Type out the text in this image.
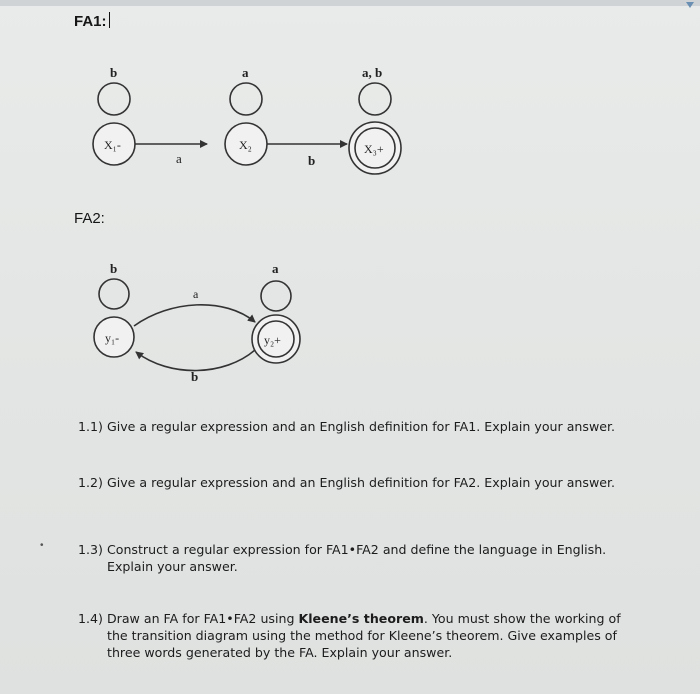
FA1:
FA2:
X₁-
b
X₂
a
X₃+
a, b
a	b
y₁-
b
y₂+
a
a
b
1.1) Give a regular expression and an English definition for FA1. Explain your answer.
1.2) Give a regular expression and an English definition for FA2. Explain your answer.
•	1.3) Construct a regular expression for FA1•FA2 and define the language in English.
Explain your answer.
1.4) Draw an FA for FA1•FA2 using Kleene’s theorem. You must show the working of
the transition diagram using the method for Kleene’s theorem. Give examples of
three words generated by the FA. Explain your answer.
